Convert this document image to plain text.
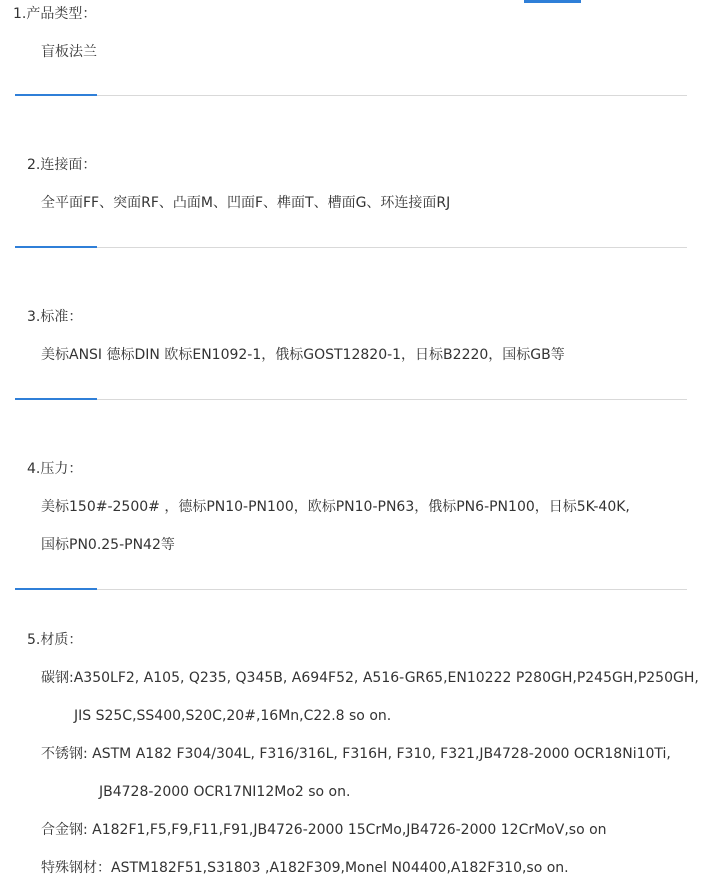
1.产品类型：
盲板法兰
2.连接面：
全平面FF、突面RF、凸面M、凹面F、榫面T、槽面G、环连接面RJ
3.标准：
美标ANSI 德标DIN 欧标EN1092-1，俄标GOST12820-1，日标B2220，国标GB等
4.压力：
美标150#-2500# ，德标PN10-PN100，欧标PN10-PN63，俄标PN6-PN100，日标5K-40K,
国标PN0.25-PN42等
5.材质：
碳钢:A350LF2, A105, Q235, Q345B, A694F52, A516-GR65,EN10222 P280GH,P245GH,P250GH,
JIS S25C,SS400,S20C,20#,16Mn,C22.8 so on.
不锈钢: ASTM A182 F304/304L, F316/316L, F316H, F310, F321,JB4728-2000 OCR18Ni10Ti,
JB4728-2000 OCR17NI12Mo2 so on.
合金钢: A182F1,F5,F9,F11,F91,JB4726-2000 15CrMo,JB4726-2000 12CrMoV,so on
特殊钢材：ASTM182F51,S31803 ,A182F309,Monel N04400,A182F310,so on.
